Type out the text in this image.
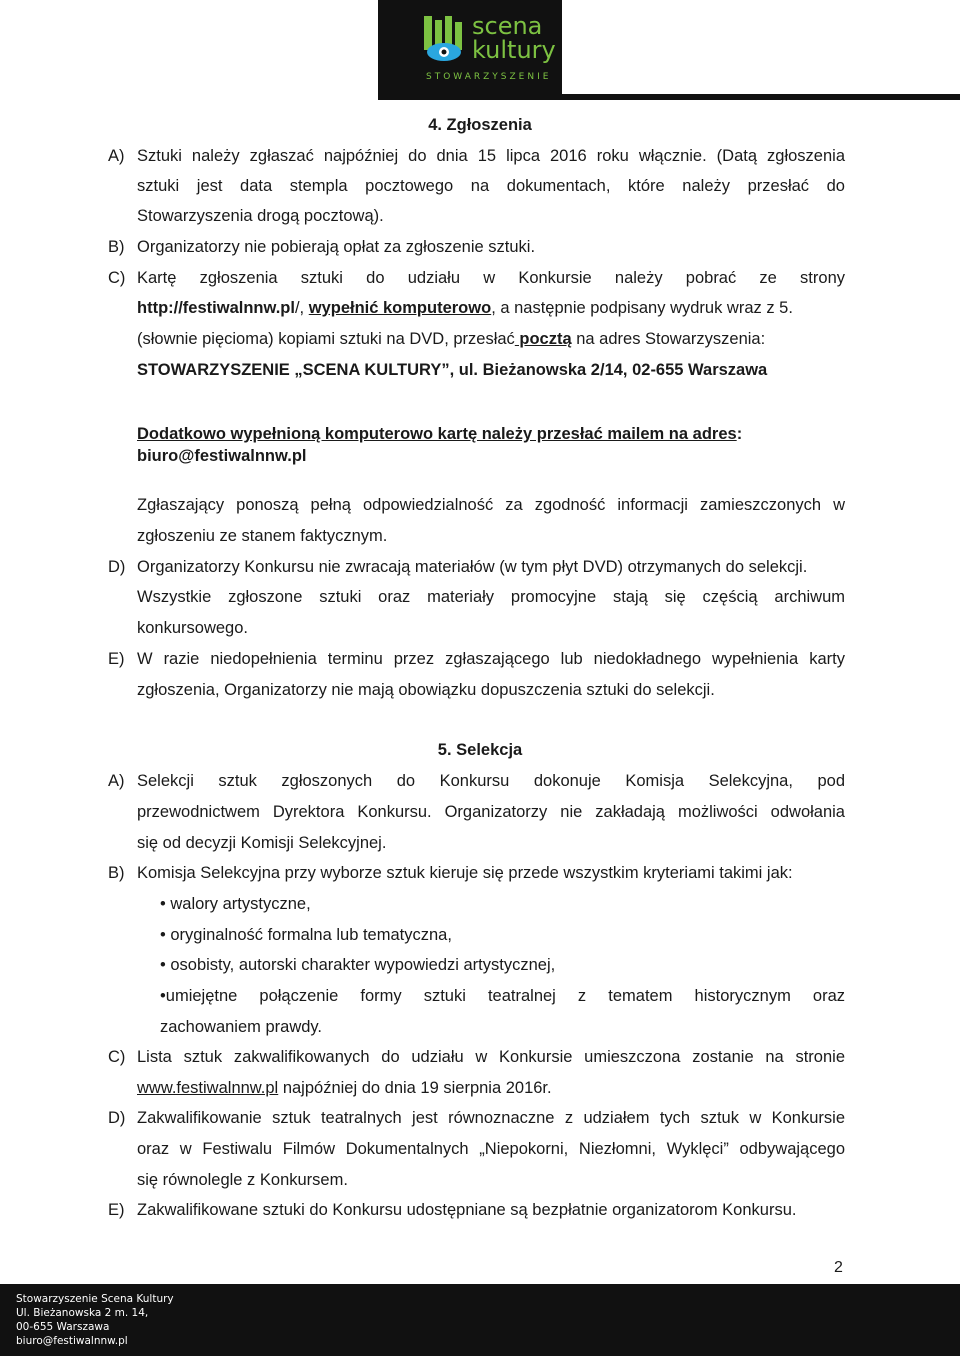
scena
kultury
STOWARZYSZENIE
4. Zgłoszenia
A) Sztuki należy zgłaszać najpóźniej do dnia 15 lipca 2016 roku włącznie. (Datą zgłoszenia
sztuki jest data stempla pocztowego na dokumentach, które należy przesłać do
Stowarzyszenia drogą pocztową).
B) Organizatorzy nie pobierają opłat za zgłoszenie sztuki.
C) Kartę zgłoszenia sztuki do udziału w Konkursie należy pobrać ze strony
http://festiwalnnw.pl/, wypełnić komputerowo, a następnie podpisany wydruk wraz z 5.
(słownie pięcioma) kopiami sztuki na DVD, przesłać pocztą na adres Stowarzyszenia:
STOWARZYSZENIE „SCENA KULTURY”, ul. Bieżanowska 2/14, 02-655 Warszawa
Dodatkowo wypełnioną komputerowo kartę należy przesłać mailem na adres:
biuro@festiwalnnw.pl
Zgłaszający ponoszą pełną odpowiedzialność za zgodność informacji zamieszczonych w
zgłoszeniu ze stanem faktycznym.
D) Organizatorzy Konkursu nie zwracają materiałów (w tym płyt DVD) otrzymanych do selekcji.
Wszystkie zgłoszone sztuki oraz materiały promocyjne stają się częścią archiwum
konkursowego.
E) W razie niedopełnienia terminu przez zgłaszającego lub niedokładnego wypełnienia karty
zgłoszenia, Organizatorzy nie mają obowiązku dopuszczenia sztuki do selekcji.
5. Selekcja
A) Selekcji sztuk zgłoszonych do Konkursu dokonuje Komisja Selekcyjna, pod
przewodnictwem Dyrektora Konkursu. Organizatorzy nie zakładają możliwości odwołania
się od decyzji Komisji Selekcyjnej.
B) Komisja Selekcyjna przy wyborze sztuk kieruje się przede wszystkim kryteriami takimi jak:
• walory artystyczne,
• oryginalność formalna lub tematyczna,
• osobisty, autorski charakter wypowiedzi artystycznej,
•umiejętne połączenie formy sztuki teatralnej z tematem historycznym oraz
zachowaniem prawdy.
C) Lista sztuk zakwalifikowanych do udziału w Konkursie umieszczona zostanie na stronie
www.festiwalnnw.pl najpóźniej do dnia 19 sierpnia 2016r.
D) Zakwalifikowanie sztuk teatralnych jest równoznaczne z udziałem tych sztuk w Konkursie
oraz w Festiwalu Filmów Dokumentalnych „Niepokorni, Niezłomni, Wyklęci” odbywającego
się równolegle z Konkursem.
E) Zakwalifikowane sztuki do Konkursu udostępniane są bezpłatnie organizatorom Konkursu.
2
Stowarzyszenie Scena Kultury
Ul. Bieżanowska 2 m. 14,
00-655 Warszawa
biuro@festiwalnnw.pl
